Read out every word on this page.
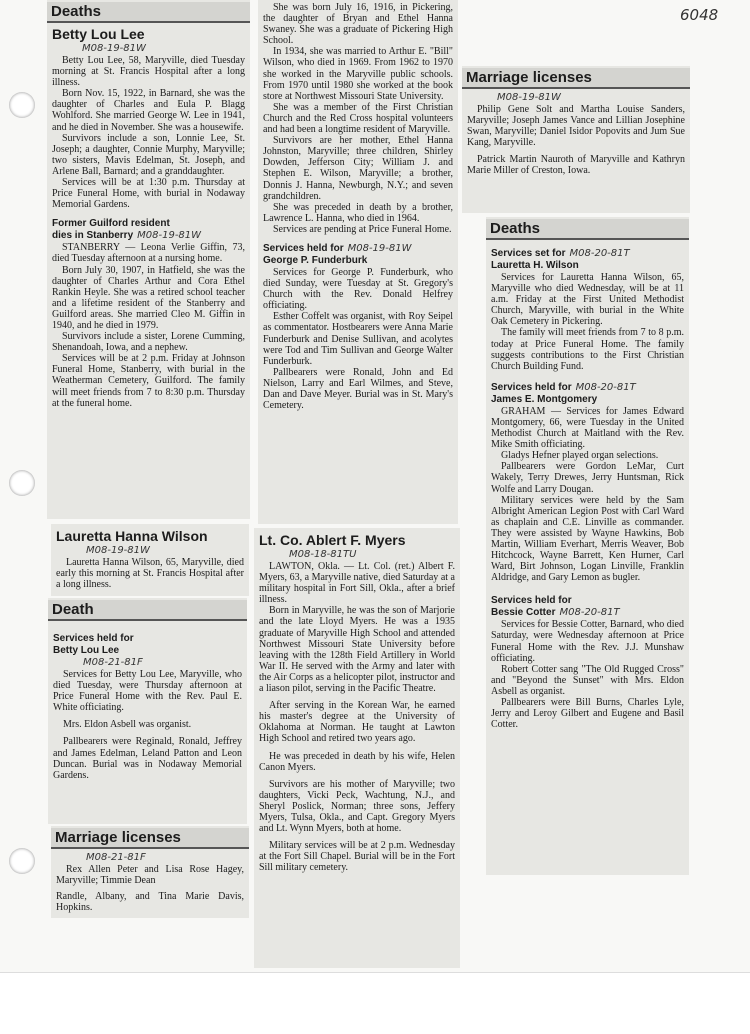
6048
Deaths
Betty Lou Lee
M08-19-81W

Betty Lou Lee, 58, Maryville, died Tuesday morning at St. Francis Hospital after a long illness.

Born Nov. 15, 1922, in Barnard, she was the daughter of Charles and Eula P. Blagg Wohlford. She married George W. Lee in 1941, and he died in November. She was a housewife.

Survivors include a son, Lonnie Lee, St. Joseph; a daughter, Connie Murphy, Maryville; two sisters, Mavis Edelman, St. Joseph, and Arlene Ball, Barnard; and a granddaughter.

Services will be at 1:30 p.m. Thursday at Price Funeral Home, with burial in Nodaway Memorial Gardens.

Former Guilford resident
dies in Stanberry M08-19-81W

STANBERRY — Leona Verlie Giffin, 73, died Tuesday afternoon at a nursing home.

Born July 30, 1907, in Hatfield, she was the daughter of Charles Arthur and Cora Ethel Rankin Heyle. She was a retired school teacher and a lifetime resident of the Stanberry and Guilford areas. She married Cleo M. Giffin in 1940, and he died in 1979.

Survivors include a sister, Lorene Cumming, Shenandoah, Iowa, and a nephew.

Services will be at 2 p.m. Friday at Johnson Funeral Home, Stanberry, with burial in the Weatherman Cemetery, Guilford. The family will meet friends from 7 to 8:30 p.m. Thursday at the funeral home.

Lauretta Hanna Wilson
M08-19-81W

Lauretta Hanna Wilson, 65, Maryville, died early this morning at St. Francis Hospital after a long illness.

Death
Services held for
Betty Lou Lee
M08-21-81F

Services for Betty Lou Lee, Maryville, who died Tuesday, were Thursday afternoon at Price Funeral Home with the Rev. Paul E. White officiating.

Mrs. Eldon Asbell was organist.

Pallbearers were Reginald, Ronald, Jeffrey and James Edelman, Leland Patton and Leon Duncan. Burial was in Nodaway Memorial Gardens.

Marriage licenses
M08-21-81F

Rex Allen Peter and Lisa Rose Hagey, Maryville; Timmie Dean

Randle, Albany, and Tina Marie Davis, Hopkins.

She was born July 16, 1916, in Pickering, the daughter of Bryan and Ethel Hanna Swaney. She was a graduate of Pickering High School.

In 1934, she was married to Arthur E. "Bill" Wilson, who died in 1969. From 1962 to 1970 she worked in the Maryville public schools. From 1970 until 1980 she worked at the book store at Northwest Missouri State University.

She was a member of the First Christian Church and the Red Cross hospital volunteers and had been a longtime resident of Maryville.

Survivors are her mother, Ethel Hanna Johnston, Maryville; three children, Shirley Dowden, Jefferson City; William J. and Stephen E. Wilson, Maryville; a brother, Donnis J. Hanna, Newburgh, N.Y.; and seven grandchildren.

She was preceded in death by a brother, Lawrence L. Hanna, who died in 1964.

Services are pending at Price Funeral Home.

Services held for M08-19-81W
George P. Funderburk

Services for George P. Funderburk, who died Sunday, were Tuesday at St. Gregory's Church with the Rev. Donald Helfrey officiating.

Esther Coffelt was organist, with Roy Seipel as commentator. Hostbearers were Anna Marie Funderburk and Denise Sullivan, and acolytes were Tod and Tim Sullivan and George Walter Funderburk.

Pallbearers were Ronald, John and Ed Nielson, Larry and Earl Wilmes, and Steve, Dan and Dave Meyer. Burial was in St. Mary's Cemetery.

Lt. Co. Ablert F. Myers
M08-18-81TU

LAWTON, Okla. — Lt. Col. (ret.) Albert F. Myers, 63, a Maryville native, died Saturday at a military hospital in Fort Sill, Okla., after a brief illness.

Born in Maryville, he was the son of Marjorie and the late Lloyd Myers. He was a 1935 graduate of Maryville High School and attended Northwest Missouri State University before leaving with the 128th Field Artillery in World War II. He served with the Army and later with the Air Corps as a helicopter pilot, instructor and a liason pilot, serving in the Pacific Theatre.

After serving in the Korean War, he earned his master's degree at the University of Oklahoma at Norman. He taught at Lawton High School and retired two years ago.

He was preceded in death by his wife, Helen Canon Myers.

Survivors are his mother of Maryville; two daughters, Vicki Peck, Wachtung, N.J., and Sheryl Poslick, Norman; three sons, Jeffery Myers, Tulsa, Okla., and Capt. Gregory Myers and Lt. Wynn Myers, both at home.

Military services will be at 2 p.m. Wednesday at the Fort Sill Chapel. Burial will be in the Fort Sill military cemetery.

Marriage licenses
M08-19-81W

Philip Gene Solt and Martha Louise Sanders, Maryville; Joseph James Vance and Lillian Josephine Swan, Maryville; Daniel Isidor Popovits and Jum Sue Kang, Maryville.

Patrick Martin Nauroth of Maryville and Kathryn Marie Miller of Creston, Iowa.

Deaths
Services set for M08-20-81T
Lauretta H. Wilson

Services for Lauretta Hanna Wilson, 65, Maryville who died Wednesday, will be at 11 a.m. Friday at the First United Methodist Church, Maryville, with burial in the White Oak Cemetery in Pickering.

The family will meet friends from 7 to 8 p.m. today at Price Funeral Home. The family suggests contributions to the First Christian Church Building Fund.

Services held for M08-20-81T
James E. Montgomery

GRAHAM — Services for James Edward Montgomery, 66, were Tuesday in the United Methodist Church at Maitland with the Rev. Mike Smith officiating.

Gladys Hefner played organ selections.

Pallbearers were Gordon LeMar, Curt Wakely, Terry Drewes, Jerry Huntsman, Rick Wolfe and Larry Dougan.

Military services were held by the Sam Albright American Legion Post with Carl Ward as chaplain and C.E. Linville as commander. They were assisted by Wayne Hawkins, Bob Martin, William Everhart, Merris Weaver, Bob Hitchcock, Wayne Barrett, Ken Hurner, Carl Ward, Birt Johnson, Logan Linville, Franklin Aldridge, and Gary Lemon as bugler.

Services held for
Bessie Cotter M08-20-81T

Services for Bessie Cotter, Barnard, who died Saturday, were Wednesday afternoon at Price Funeral Home with the Rev. J.J. Munshaw officiating.

Robert Cotter sang "The Old Rugged Cross" and "Beyond the Sunset" with Mrs. Eldon Asbell as organist.

Pallbearers were Bill Burns, Charles Lyle, Jerry and Leroy Gilbert and Eugene and Basil Cotter.
